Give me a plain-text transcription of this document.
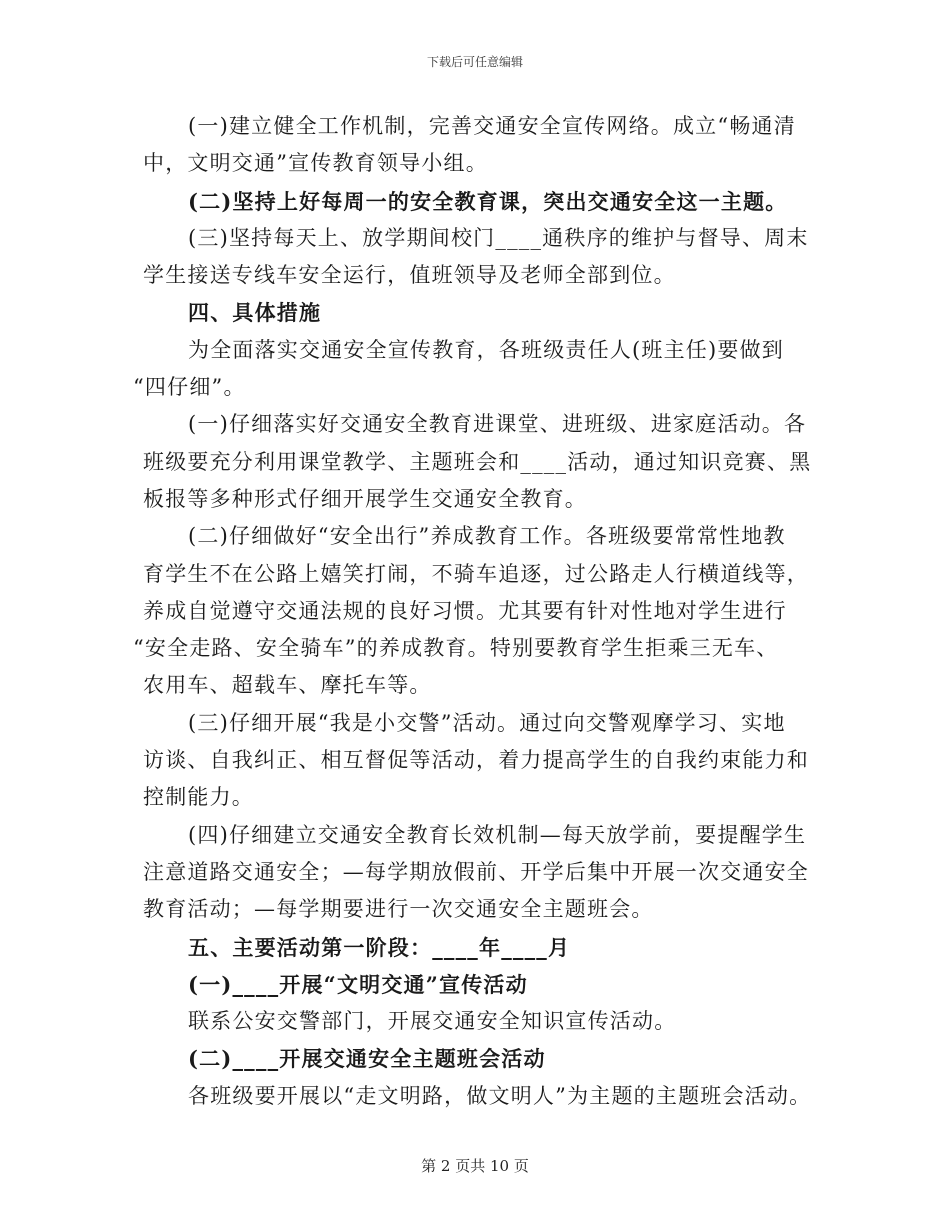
下载后可任意编辑
(一)建立健全工作机制，完善交通安全宣传网络。成立“畅通清
中，文明交通”宣传教育领导小组。
(二)坚持上好每周一的安全教育课，突出交通安全这一主题。
(三)坚持每天上、放学期间校门____通秩序的维护与督导、周末
学生接送专线车安全运行，值班领导及老师全部到位。
四、具体措施
为全面落实交通安全宣传教育，各班级责任人(班主任)要做到
“四仔细”。
(一)仔细落实好交通安全教育进课堂、进班级、进家庭活动。各
班级要充分利用课堂教学、主题班会和____活动，通过知识竞赛、黑
板报等多种形式仔细开展学生交通安全教育。
(二)仔细做好“安全出行”养成教育工作。各班级要常常性地教
育学生不在公路上嬉笑打闹，不骑车追逐，过公路走人行横道线等，
养成自觉遵守交通法规的良好习惯。尤其要有针对性地对学生进行
“安全走路、安全骑车”的养成教育。特别要教育学生拒乘三无车、
农用车、超载车、摩托车等。
(三)仔细开展“我是小交警”活动。通过向交警观摩学习、实地
访谈、自我纠正、相互督促等活动，着力提高学生的自我约束能力和
控制能力。
(四)仔细建立交通安全教育长效机制—每天放学前，要提醒学生
注意道路交通安全；—每学期放假前、开学后集中开展一次交通安全
教育活动；—每学期要进行一次交通安全主题班会。
五、主要活动第一阶段：____年____月
(一)____开展“文明交通”宣传活动
联系公安交警部门，开展交通安全知识宣传活动。
(二)____开展交通安全主题班会活动
各班级要开展以“走文明路，做文明人”为主题的主题班会活动。
第 2 页共 10 页
